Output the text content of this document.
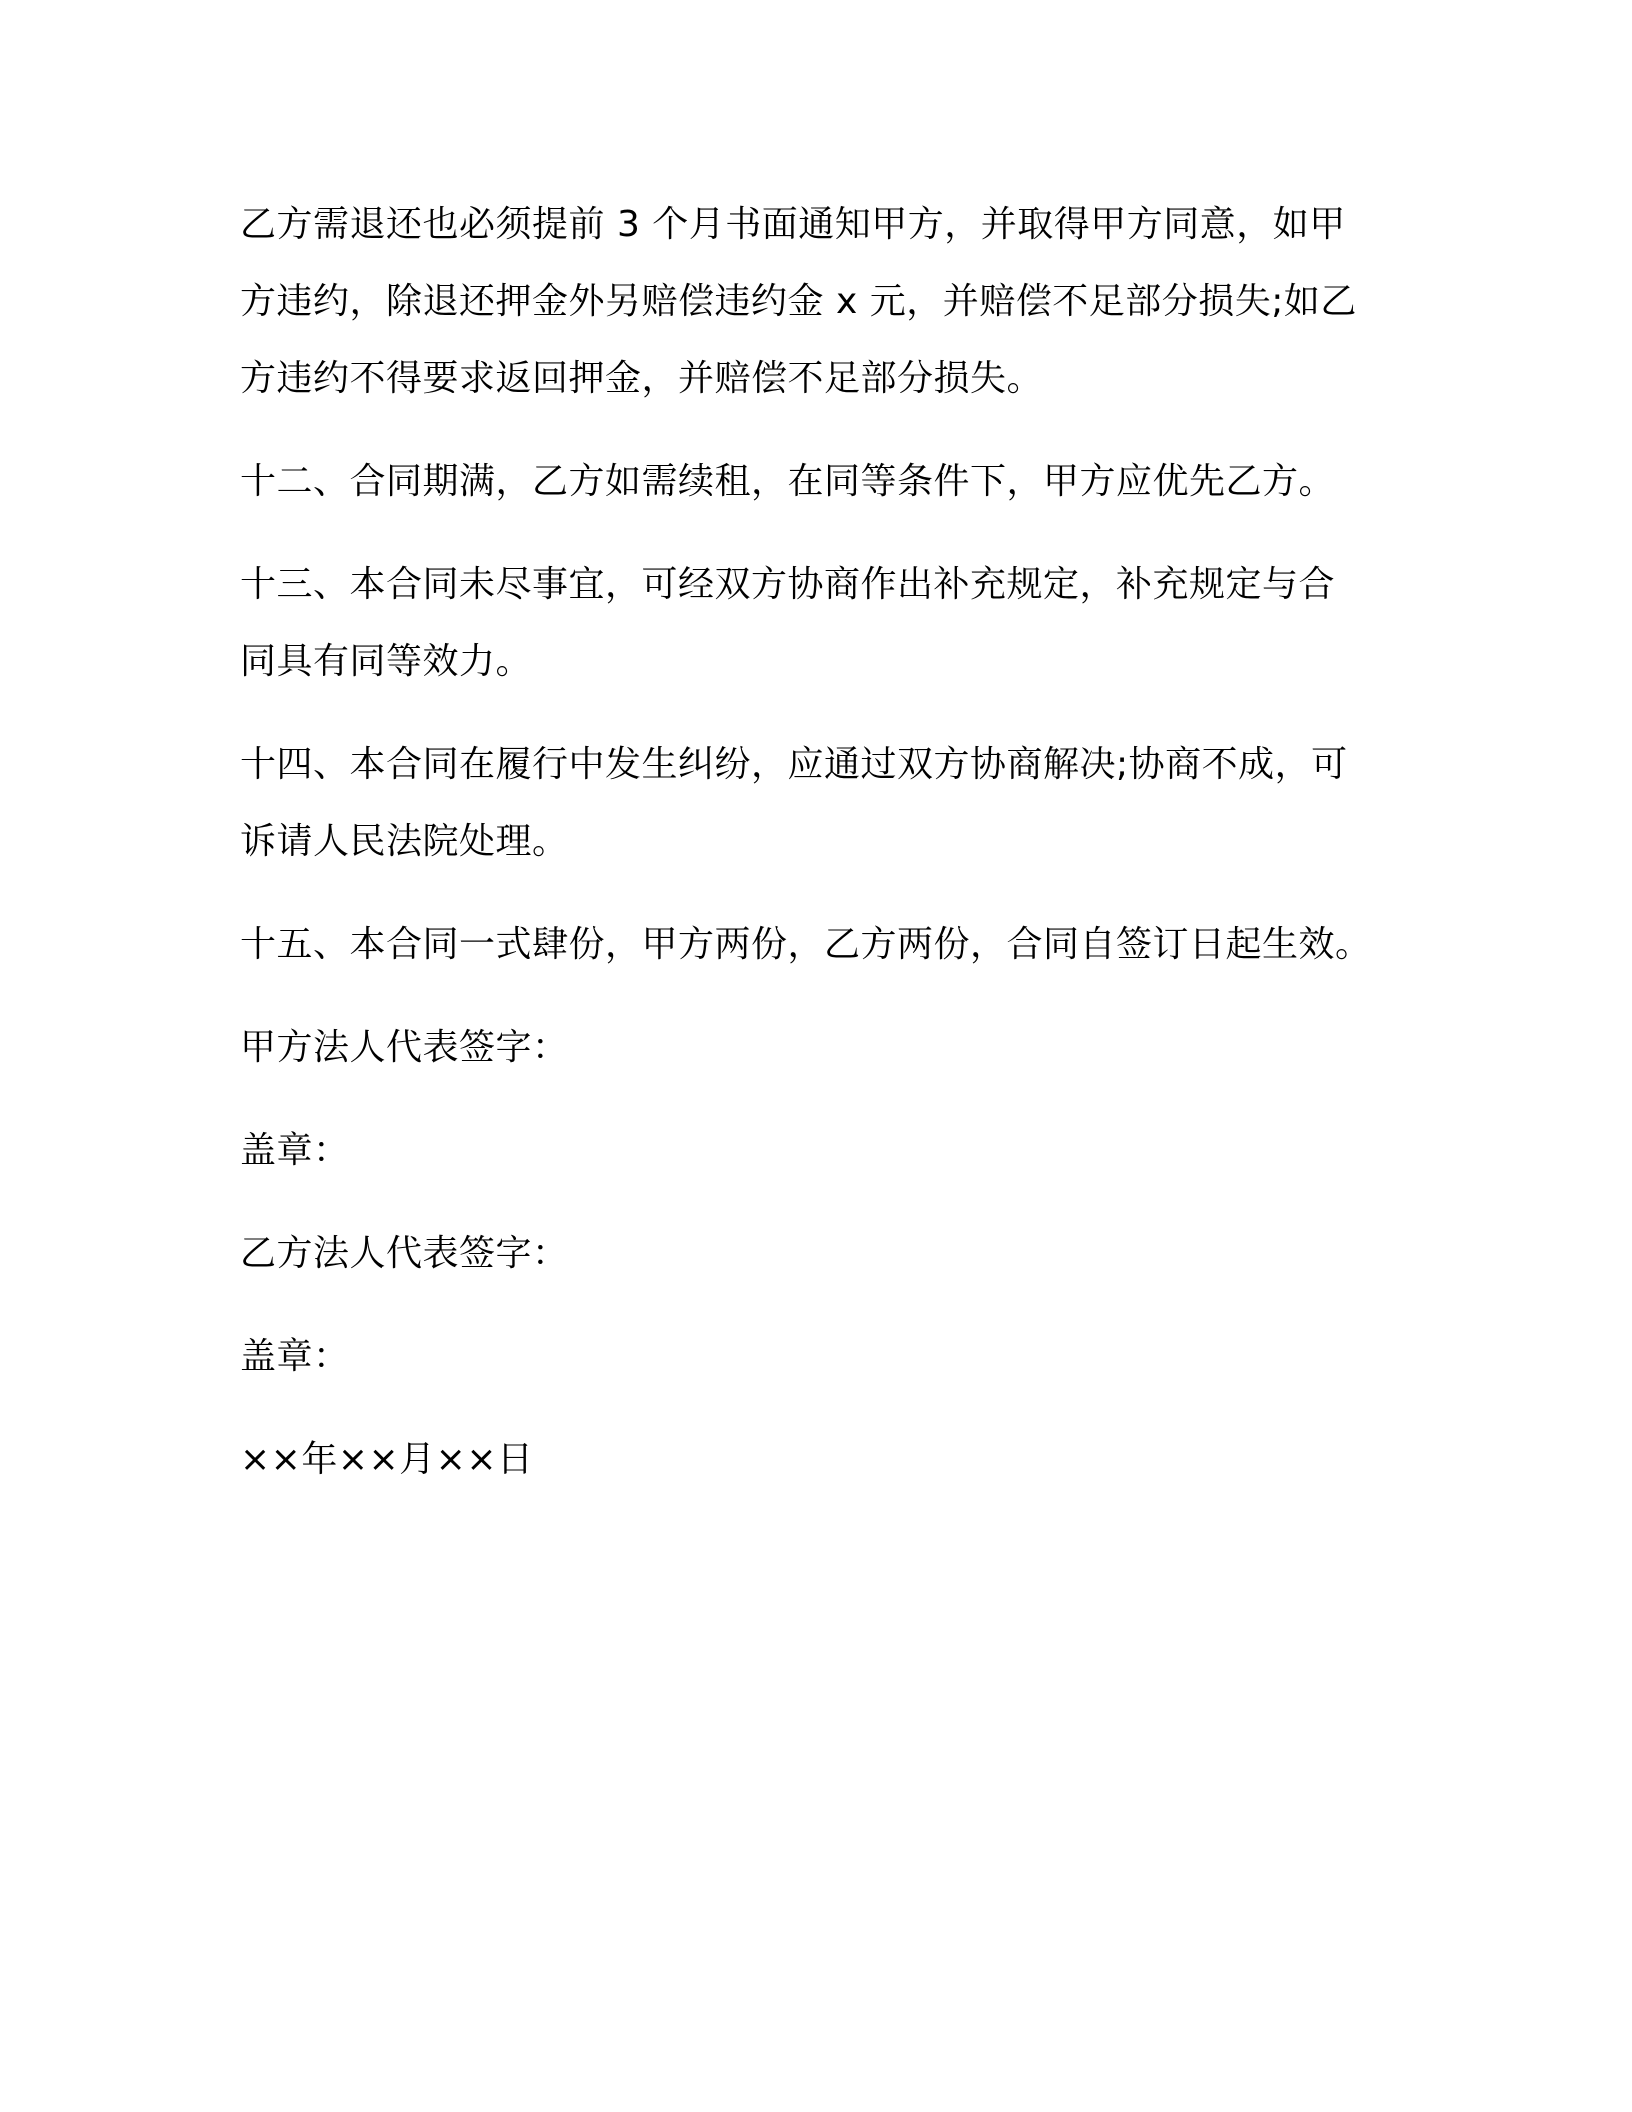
乙方需退还也必须提前 3 个月书面通知甲方，并取得甲方同意，如甲
方违约，除退还押金外另赔偿违约金 x 元，并赔偿不足部分损失;如乙
方违约不得要求返回押金，并赔偿不足部分损失。

十二、合同期满，乙方如需续租，在同等条件下，甲方应优先乙方。

十三、本合同未尽事宜，可经双方协商作出补充规定，补充规定与合
同具有同等效力。

十四、本合同在履行中发生纠纷，应通过双方协商解决;协商不成，可
诉请人民法院处理。

十五、本合同一式肆份，甲方两份，乙方两份，合同自签订日起生效。

甲方法人代表签字：

盖章：

乙方法人代表签字：

盖章：

××年××月××日
